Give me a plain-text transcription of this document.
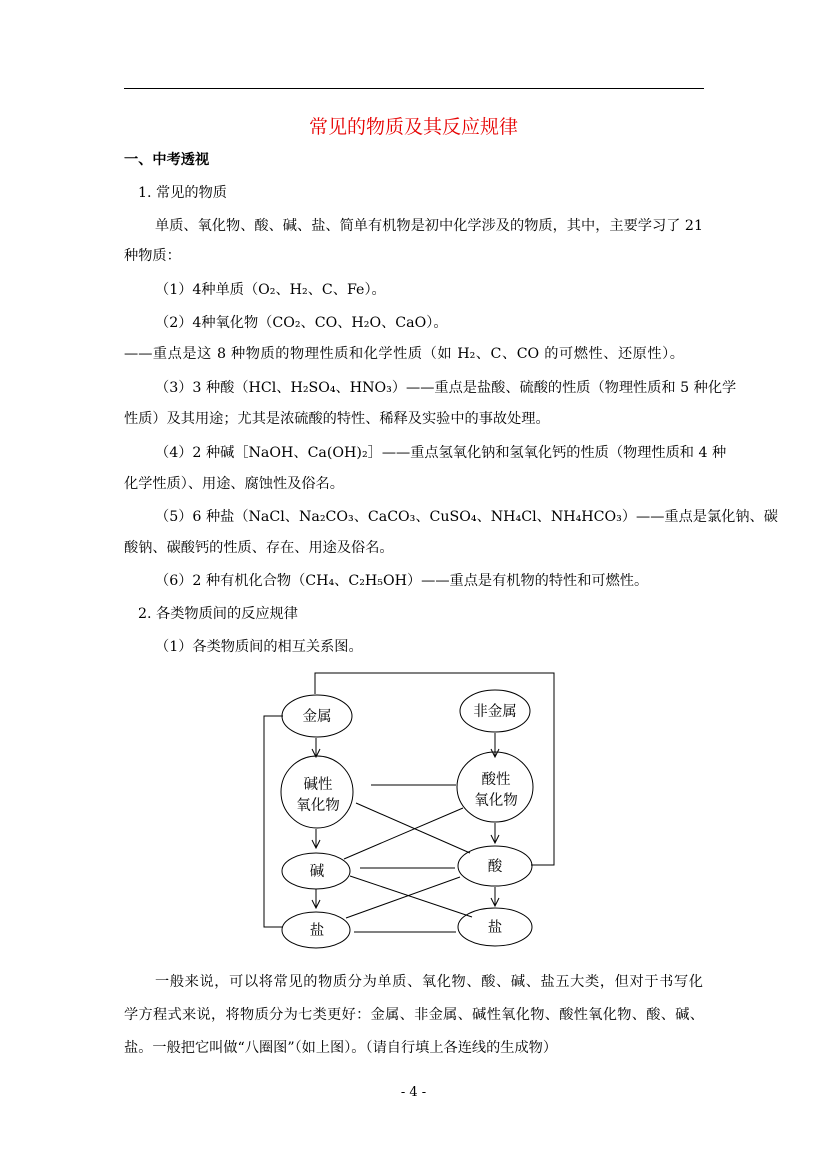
常见的物质及其反应规律
一、中考透视
1. 常见的物质
单质、氧化物、酸、碱、盐、简单有机物是初中化学涉及的物质，其中，主要学习了 21
种物质：
（1）4种单质（O₂、H₂、C、Fe）。
（2）4种氧化物（CO₂、CO、H₂O、CaO）。
——重点是这 8 种物质的物理性质和化学性质（如 H₂、C、CO 的可燃性、还原性）。
（3）3 种酸（HCl、H₂SO₄、HNO₃）——重点是盐酸、硫酸的性质（物理性质和 5 种化学
性质）及其用途；尤其是浓硫酸的特性、稀释及实验中的事故处理。
（4）2 种碱［NaOH、Ca(OH)₂］——重点氢氧化钠和氢氧化钙的性质（物理性质和 4 种
化学性质）、用途、腐蚀性及俗名。
（5）6 种盐（NaCl、Na₂CO₃、CaCO₃、CuSO₄、NH₄Cl、NH₄HCO₃）——重点是氯化钠、碳
酸钠、碳酸钙的性质、存在、用途及俗名。
（6）2 种有机化合物（CH₄、C₂H₅OH）——重点是有机物的特性和可燃性。
2. 各类物质间的反应规律
（1）各类物质间的相互关系图。
金属	非金属
碱性
氧化物
酸性
氧化物
碱	酸
盐	盐
一般来说，可以将常见的物质分为单质、氧化物、酸、碱、盐五大类，但对于书写化
学方程式来说，将物质分为七类更好：金属、非金属、碱性氧化物、酸性氧化物、酸、碱、
盐。一般把它叫做“八圈图”（如上图）。（请自行填上各连线的生成物）
- 4 -
